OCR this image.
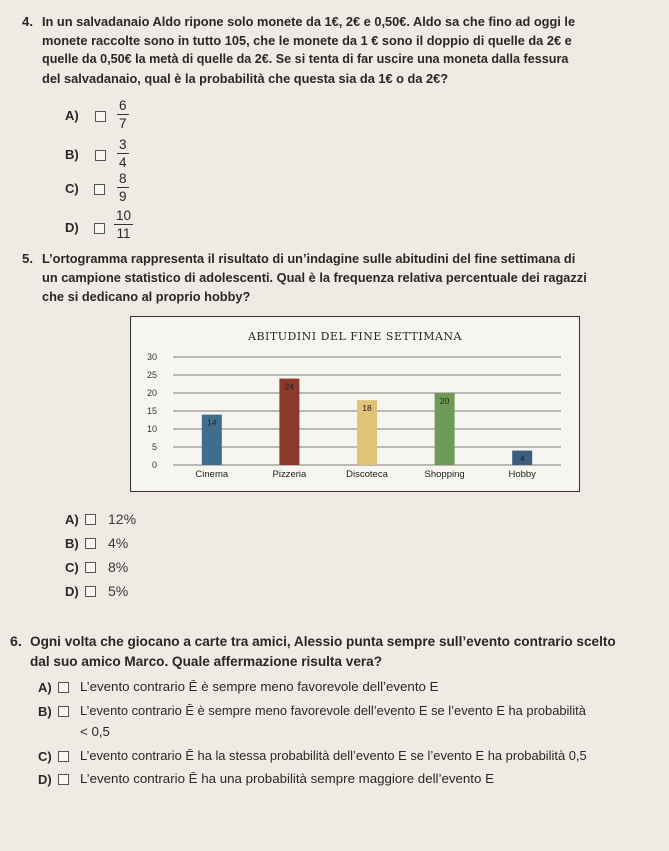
4. In un salvadanaio Aldo ripone solo monete da 1€, 2€ e 0,50€. Aldo sa che fino ad oggi le
monete raccolte sono in tutto 105, che le monete da 1 € sono il doppio di quelle da 2€ e
quelle da 0,50€ la metà di quelle da 2€. Se si tenta di far uscire una moneta dalla fessura
del salvadanaio, qual è la probabilità che questa sia da 1€ o da 2€?
A)
6
7
B)
3
4
C)
8
9
D)
10
11
5. L’ortogramma rappresenta il risultato di un’indagine sulle abitudini del fine settimana di
un campione statistico di adolescenti. Qual è la frequenza relativa percentuale dei ragazzi
che si dedicano al proprio hobby?
ABITUDINI DEL FINE SETTIMANA
0
5
10
15
20
25
30
14
Cinema
24
Pizzeria
18
Discoteca
20
Shopping
4
Hobby
A) 12%
B) 4%
C) 8%
D) 5%
6. Ogni volta che giocano a carte tra amici, Alessio punta sempre sull’evento contrario scelto
dal suo amico Marco. Quale affermazione risulta vera?
A) L’evento contrario Ē è sempre meno favorevole dell’evento E
B) L’evento contrario Ē è sempre meno favorevole dell’evento E se l’evento E ha probabilità
< 0,5
C) L’evento contrario Ē ha la stessa probabilità dell’evento E se l’evento E ha probabilità 0,5
D) L’evento contrario Ē ha una probabilità sempre maggiore dell’evento E
